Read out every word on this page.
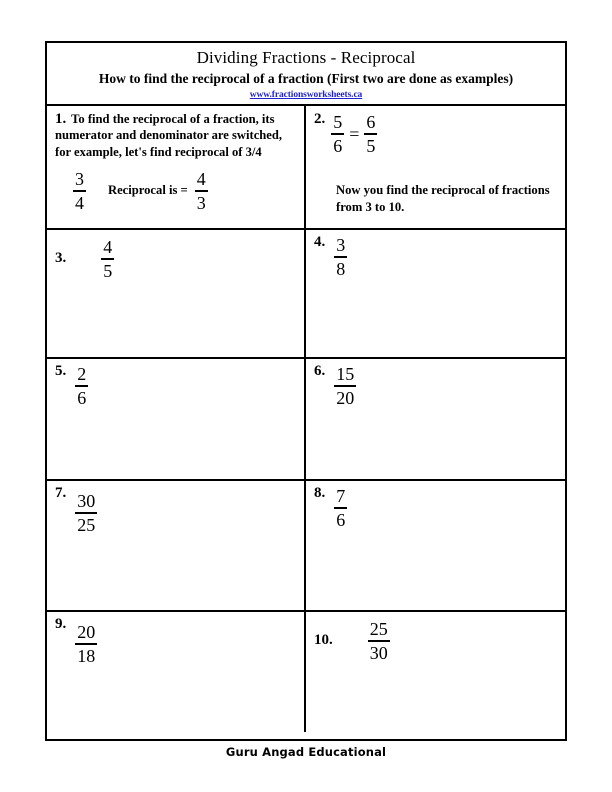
Dividing Fractions - Reciprocal
How to find the reciprocal of a fraction (First two are done as examples)
www.fractionsworksheets.ca
1. To find the reciprocal of a fraction, its numerator and denominator are switched, for example, let's find reciprocal of 3/4
$\frac{3}{4}$ Reciprocal is = $\frac{4}{3}$
2. $\frac{5}{6} = \frac{6}{5}$
Now you find the reciprocal of fractions from 3 to 10.
3. $\frac{4}{5}$	4. $\frac{3}{8}$
5. $\frac{2}{6}$	6. $\frac{15}{20}$
7. $\frac{30}{25}$	8. $\frac{7}{6}$
9. $\frac{20}{18}$	10. $\frac{25}{30}$
Guru Angad Educational
